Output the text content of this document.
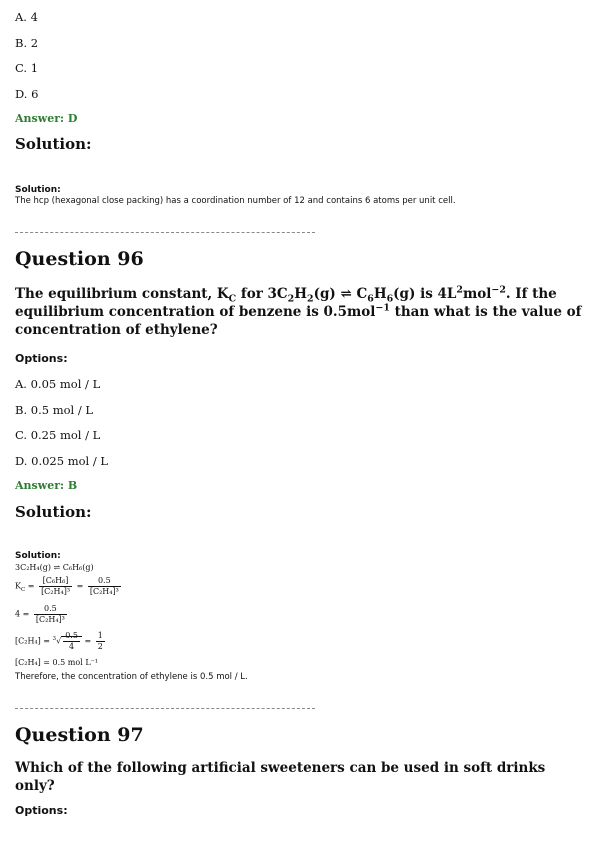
A. 4
B. 2
C. 1
D. 6
Answer: D
Solution:
Solution:
The hcp (hexagonal close packing) has a coordination number of 12 and contains 6 atoms per unit cell.
Question 96
The equilibrium constant, $K_C$ for $3C_2H_2(g)$ ⇌ $C_6H_6(g)$ is $4L^2mol^{-2}$. If the equilibrium concentration of benzene is 0.5mol$^{-1}$ than what is the value of concentration of ethylene?
Options:
A. 0.05 mol / L
B. 0.5 mol / L
C. 0.25 mol / L
D. 0.025 mol / L
Answer: B
Solution:
Solution:
3C₂H₄(g) ⇌ C₆H₆(g)
$K_C = \frac{\text{[C₆H₆]}}{\text{[C₂H₄]³}} = \frac{0.5}{\text{[C₂H₄]³}}$
$4 = \frac{0.5}{\text{[C₂H₄]³}}$
$[C_2H_4] = ^3√ \frac{0.5}{4} = \frac{1}{2}$
[C₂H₄] = 0.5 mol L⁻¹
Therefore, the concentration of ethylene is 0.5 mol / L.
Question 97
Which of the following artificial sweeteners can be used in soft drinks only?
Options:
